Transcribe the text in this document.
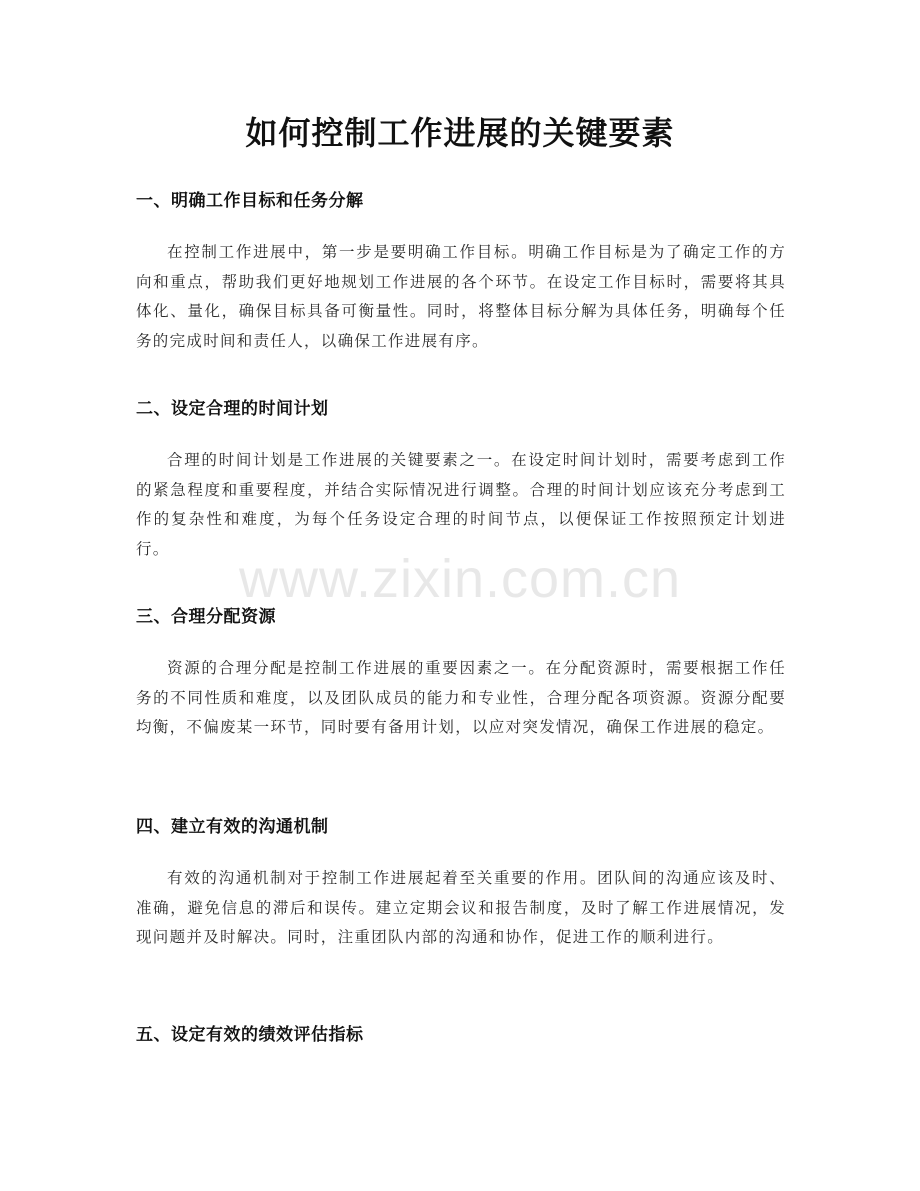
如何控制工作进展的关键要素
一、明确工作目标和任务分解

在控制工作进展中，第一步是要明确工作目标。明确工作目标是为了确定工作的方向和重点，帮助我们更好地规划工作进展的各个环节。在设定工作目标时，需要将其具体化、量化，确保目标具备可衡量性。同时，将整体目标分解为具体任务，明确每个任务的完成时间和责任人，以确保工作进展有序。

二、设定合理的时间计划

合理的时间计划是工作进展的关键要素之一。在设定时间计划时，需要考虑到工作的紧急程度和重要程度，并结合实际情况进行调整。合理的时间计划应该充分考虑到工作的复杂性和难度，为每个任务设定合理的时间节点，以便保证工作按照预定计划进行。

三、合理分配资源

资源的合理分配是控制工作进展的重要因素之一。在分配资源时，需要根据工作任务的不同性质和难度，以及团队成员的能力和专业性，合理分配各项资源。资源分配要均衡，不偏废某一环节，同时要有备用计划，以应对突发情况，确保工作进展的稳定。

四、建立有效的沟通机制

有效的沟通机制对于控制工作进展起着至关重要的作用。团队间的沟通应该及时、准确，避免信息的滞后和误传。建立定期会议和报告制度，及时了解工作进展情况，发现问题并及时解决。同时，注重团队内部的沟通和协作，促进工作的顺利进行。

五、设定有效的绩效评估指标
www.zixin.com.cn
